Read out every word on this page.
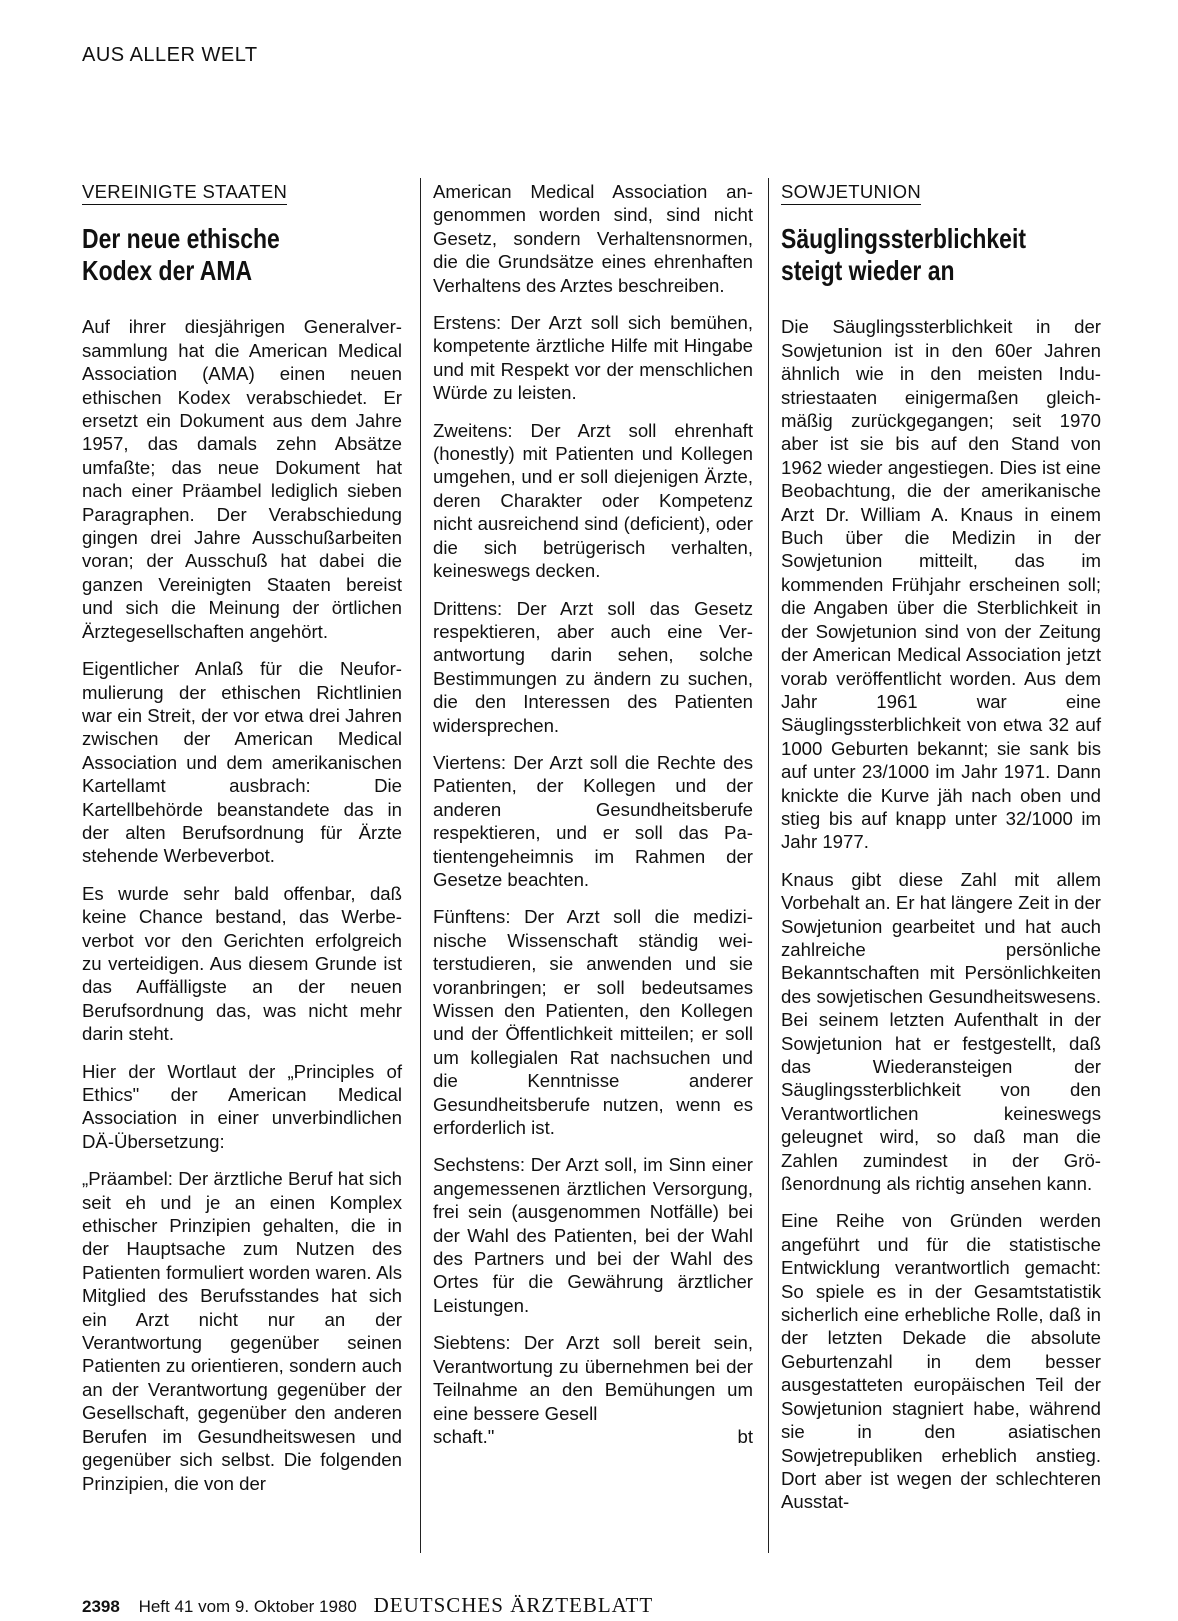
AUS ALLER WELT
VEREINIGTE STAATEN
Der neue ethische
Kodex der AMA

Auf ihrer diesjährigen Generalversammlung hat die American Medical Association (AMA) einen neuen ethischen Kodex verabschiedet. Er ersetzt ein Dokument aus dem Jahre 1957, das damals zehn Absätze umfaßte; das neue Dokument hat nach einer Präambel lediglich sieben Paragraphen. Der Verabschiedung gingen drei Jahre Ausschußarbeiten voran; der Ausschuß hat dabei die ganzen Vereinigten Staaten bereist und sich die Meinung der örtlichen Ärztegesellschaften angehört.

Eigentlicher Anlaß für die Neuformulierung der ethischen Richtlinien war ein Streit, der vor etwa drei Jahren zwischen der American Medical Association und dem amerikanischen Kartellamt ausbrach: Die Kartellbehörde beanstandete das in der alten Berufsordnung für Ärzte stehende Werbeverbot.

Es wurde sehr bald offenbar, daß keine Chance bestand, das Werbeverbot vor den Gerichten erfolgreich zu verteidigen. Aus diesem Grunde ist das Auffälligste an der neuen Berufsordnung das, was nicht mehr darin steht.

Hier der Wortlaut der „Principles of Ethics" der American Medical Association in einer unverbindlichen DÄ-Übersetzung:

„Präambel: Der ärztliche Beruf hat sich seit eh und je an einen Komplex ethischer Prinzipien gehalten, die in der Hauptsache zum Nutzen des Patienten formuliert worden waren. Als Mitglied des Berufsstandes hat sich ein Arzt nicht nur an der Verantwortung gegenüber seinen Patienten zu orientieren, sondern auch an der Verantwortung gegenüber der Gesellschaft, gegenüber den anderen Berufen im Gesundheitswesen und gegenüber sich selbst. Die folgenden Prinzipien, die von der

American Medical Association angenommen worden sind, sind nicht Gesetz, sondern Verhaltensnormen, die die Grundsätze eines ehrenhaften Verhaltens des Arztes beschreiben.

Erstens: Der Arzt soll sich bemühen, kompetente ärztliche Hilfe mit Hingabe und mit Respekt vor der menschlichen Würde zu leisten.

Zweitens: Der Arzt soll ehrenhaft (honestly) mit Patienten und Kollegen umgehen, und er soll diejenigen Ärzte, deren Charakter oder Kompetenz nicht ausreichend sind (deficient), oder die sich betrügerisch verhalten, keineswegs decken.

Drittens: Der Arzt soll das Gesetz respektieren, aber auch eine Verantwortung darin sehen, solche Bestimmungen zu ändern zu suchen, die den Interessen des Patienten widersprechen.

Viertens: Der Arzt soll die Rechte des Patienten, der Kollegen und der anderen Gesundheitsberufe respektieren, und er soll das Patientengeheimnis im Rahmen der Gesetze beachten.

Fünftens: Der Arzt soll die medizinische Wissenschaft ständig weiterstudieren, sie anwenden und sie voranbringen; er soll bedeutsames Wissen den Patienten, den Kollegen und der Öffentlichkeit mitteilen; er soll um kollegialen Rat nachsuchen und die Kenntnisse anderer Gesundheitsberufe nutzen, wenn es erforderlich ist.

Sechstens: Der Arzt soll, im Sinn einer angemessenen ärztlichen Versorgung, frei sein (ausgenommen Notfälle) bei der Wahl des Patienten, bei der Wahl des Partners und bei der Wahl des Ortes für die Gewährung ärztlicher Leistungen.

Siebtens: Der Arzt soll bereit sein, Verantwortung zu übernehmen bei der Teilnahme an den Bemühungen um eine bessere Gesell

schaft."	bt
SOWJETUNION
Säuglingssterblichkeit
steigt wieder an

Die Säuglingssterblichkeit in der Sowjetunion ist in den 60er Jahren ähnlich wie in den meisten Industriestaaten einigermaßen gleichmäßig zurückgegangen; seit 1970 aber ist sie bis auf den Stand von 1962 wieder angestiegen. Dies ist eine Beobachtung, die der amerikanische Arzt Dr. William A. Knaus in einem Buch über die Medizin in der Sowjetunion mitteilt, das im kommenden Frühjahr erscheinen soll; die Angaben über die Sterblichkeit in der Sowjetunion sind von der Zeitung der American Medical Association jetzt vorab veröffentlicht worden. Aus dem Jahr 1961 war eine Säuglingssterblichkeit von etwa 32 auf 1000 Geburten bekannt; sie sank bis auf unter 23/1000 im Jahr 1971. Dann knickte die Kurve jäh nach oben und stieg bis auf knapp unter 32/1000 im Jahr 1977.

Knaus gibt diese Zahl mit allem Vorbehalt an. Er hat längere Zeit in der Sowjetunion gearbeitet und hat auch zahlreiche persönliche Bekanntschaften mit Persönlichkeiten des sowjetischen Gesundheitswesens. Bei seinem letzten Aufenthalt in der Sowjetunion hat er festgestellt, daß das Wiederansteigen der Säuglingssterblichkeit von den Verantwortlichen keineswegs geleugnet wird, so daß man die Zahlen zumindest in der Größenordnung als richtig ansehen kann.

Eine Reihe von Gründen werden angeführt und für die statistische Entwicklung verantwortlich gemacht: So spiele es in der Gesamtstatistik sicherlich eine erhebliche Rolle, daß in der letzten Dekade die absolute Geburtenzahl in dem besser ausgestatteten europäischen Teil der Sowjetunion stagniert habe, während sie in den asiatischen Sowjetrepubliken erheblich anstieg. Dort aber ist wegen der schlechteren Ausstat-

2398 Heft 41 vom 9. Oktober 1980 DEUTSCHES ÄRZTEBLATT
